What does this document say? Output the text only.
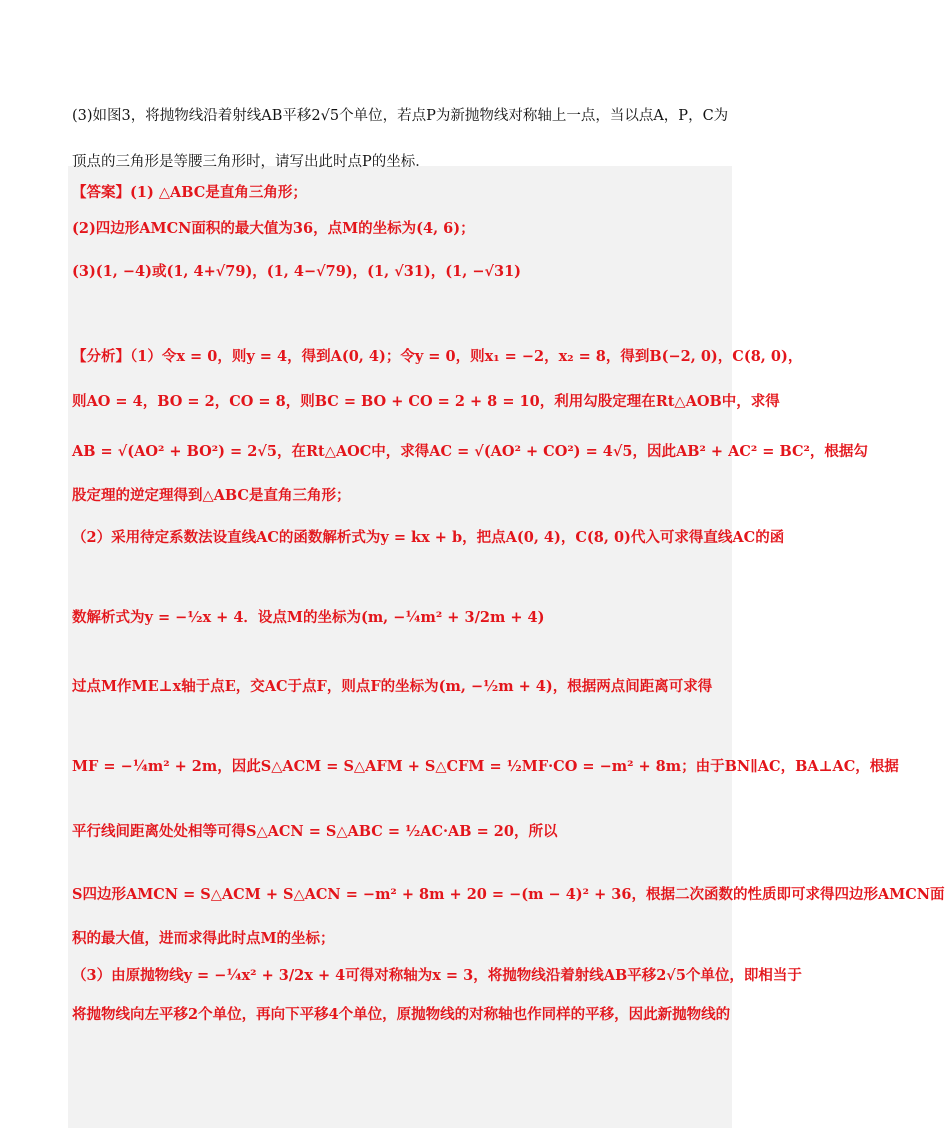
(3)如图3，将抛物线沿着射线AB平移2√5个单位，若点P为新抛物线对称轴上一点，当以点A，P，C为
顶点的三角形是等腰三角形时，请写出此时点P的坐标．
【答案】(1) △ABC是直角三角形；
(2)四边形AMCN面积的最大值为36，点M的坐标为(4, 6)；
(3)(1, −4)或(1, 4+√79)，(1, 4−√79)，(1, √31)，(1, −√31)
【分析】（1）令x = 0，则y = 4，得到A(0, 4)；令y = 0，则x₁ = −2，x₂ = 8，得到B(−2, 0)，C(8, 0)，
则AO = 4，BO = 2，CO = 8，则BC = BO + CO = 2 + 8 = 10，利用勾股定理在Rt△AOB中，求得
AB = √(AO² + BO²) = 2√5，在Rt△AOC中，求得AC = √(AO² + CO²) = 4√5，因此AB² + AC² = BC²，根据勾
股定理的逆定理得到△ABC是直角三角形；
（2）采用待定系数法设直线AC的函数解析式为y = kx + b，把点A(0, 4)，C(8, 0)代入可求得直线AC的函
数解析式为y = −½x + 4．设点M的坐标为(m, −¼m² + 3/2m + 4)
过点M作ME⊥x轴于点E，交AC于点F，则点F的坐标为(m, −½m + 4)，根据两点间距离可求得
MF = −¼m² + 2m，因此S△ACM = S△AFM + S△CFM = ½MF·CO = −m² + 8m；由于BN∥AC，BA⊥AC，根据
平行线间距离处处相等可得S△ACN = S△ABC = ½AC·AB = 20，所以
S四边形AMCN = S△ACM + S△ACN = −m² + 8m + 20 = −(m − 4)² + 36，根据二次函数的性质即可求得四边形AMCN面
积的最大值，进而求得此时点M的坐标；
（3）由原抛物线y = −¼x² + 3/2x + 4可得对称轴为x = 3，将抛物线沿着射线AB平移2√5个单位，即相当于
将抛物线向左平移2个单位，再向下平移4个单位，原抛物线的对称轴也作同样的平移，因此新抛物线的
